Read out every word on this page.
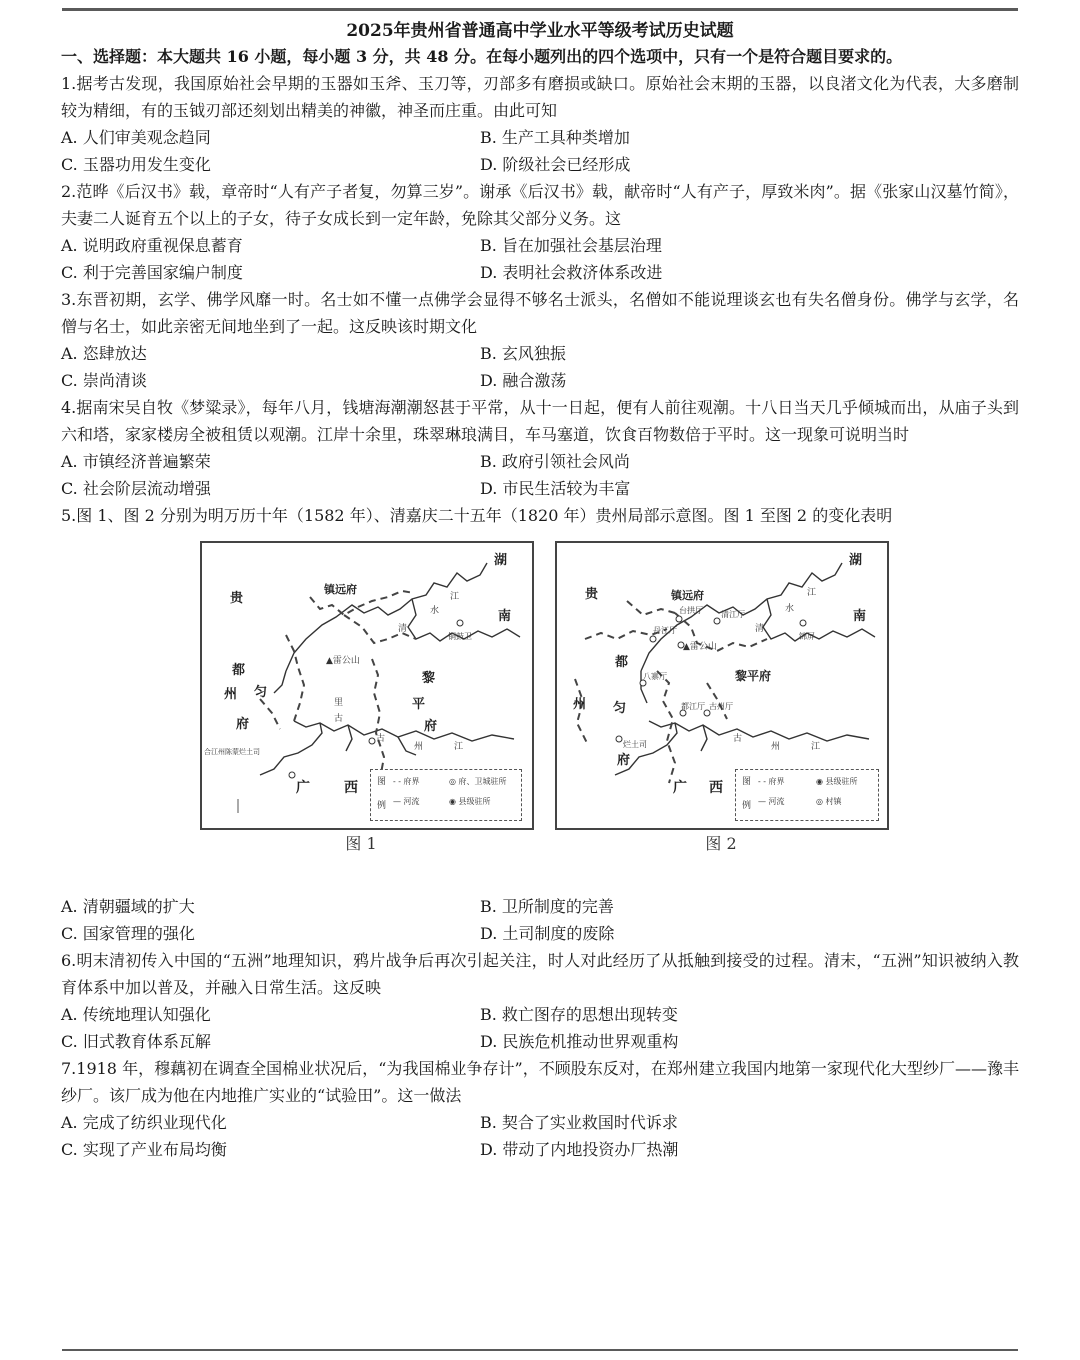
2025年贵州省普通高中学业水平等级考试历史试题

一、选择题：本大题共 16 小题，每小题 3 分，共 48 分。在每小题列出的四个选项中，只有一个是符合题目要求的。

1.据考古发现，我国原始社会早期的玉器如玉斧、玉刀等，刃部多有磨损或缺口。原始社会末期的玉器，以良渚文化为代表，大多磨制较为精细，有的玉钺刃部还刻划出精美的神徽，神圣而庄重。由此可知

A. 人们审美观念趋同	B. 生产工具种类增加
C. 玉器功用发生变化	D. 阶级社会已经形成

2.范晔《后汉书》载，章帝时“人有产子者复，勿算三岁”。谢承《后汉书》载，献帝时“人有产子，厚致米肉”。据《张家山汉墓竹简》，夫妻二人诞育五个以上的子女，待子女成长到一定年龄，免除其父部分义务。这

A. 说明政府重视保息蓄育	B. 旨在加强社会基层治理
C. 利于完善国家编户制度	D. 表明社会救济体系改进

3.东晋初期，玄学、佛学风靡一时。名士如不懂一点佛学会显得不够名士派头，名僧如不能说理谈玄也有失名僧身份。佛学与玄学，名僧与名士，如此亲密无间地坐到了一起。这反映该时期文化

A. 恣肆放达	B. 玄风独振
C. 崇尚清谈	D. 融合激荡

4.据南宋吴自牧《梦粱录》，每年八月，钱塘海潮潮怒甚于平常，从十一日起，便有人前往观潮。十八日当天几乎倾城而出，从庙子头到六和塔，家家楼房全被租赁以观潮。江岸十余里，珠翠琳琅满目，车马塞道，饮食百物数倍于平时。这一现象可说明当时

A. 市镇经济普遍繁荣	B. 政府引领社会风尚
C. 社会阶层流动增强	D. 市民生活较为丰富

5.图 1、图 2 分别为明万历十年（1582 年）、清嘉庆二十五年（1820 年）贵州局部示意图。图 1 至图 2 的变化表明

湖
南
贵
镇远府
都
州 匀
府
黎
平
府
广 西
江
水
清
铜鼓卫
▲雷公山
里
古
古
州	江
合江州陈蒙烂土司
图
例
- - 府界
— 河流
◎ 府、卫城驻所
◉ 县级驻所
湖
南
贵	镇远府
都
州 匀
府
黎平府
广 西
江
水
清
台拱厅 清江厅
丹江厅
▲雷公山
八寨厅
都江厅 古州厅
锦屏
烂土司
古
州	江
图
例
- - 府界
— 河流
◉ 县级驻所
◎ 村镇
图 1	图 2
A. 清朝疆域的扩大	B. 卫所制度的完善
C. 国家管理的强化	D. 土司制度的废除

6.明末清初传入中国的“五洲”地理知识，鸦片战争后再次引起关注，时人对此经历了从抵触到接受的过程。清末，“五洲”知识被纳入教育体系中加以普及，并融入日常生活。这反映

A. 传统地理认知强化	B. 救亡图存的思想出现转变
C. 旧式教育体系瓦解	D. 民族危机推动世界观重构

7.1918 年，穆藕初在调查全国棉业状况后，“为我国棉业争存计”，不顾股东反对，在郑州建立我国内地第一家现代化大型纱厂——豫丰纱厂。该厂成为他在内地推广实业的“试验田”。这一做法

A. 完成了纺织业现代化	B. 契合了实业救国时代诉求
C. 实现了产业布局均衡	D. 带动了内地投资办厂热潮
